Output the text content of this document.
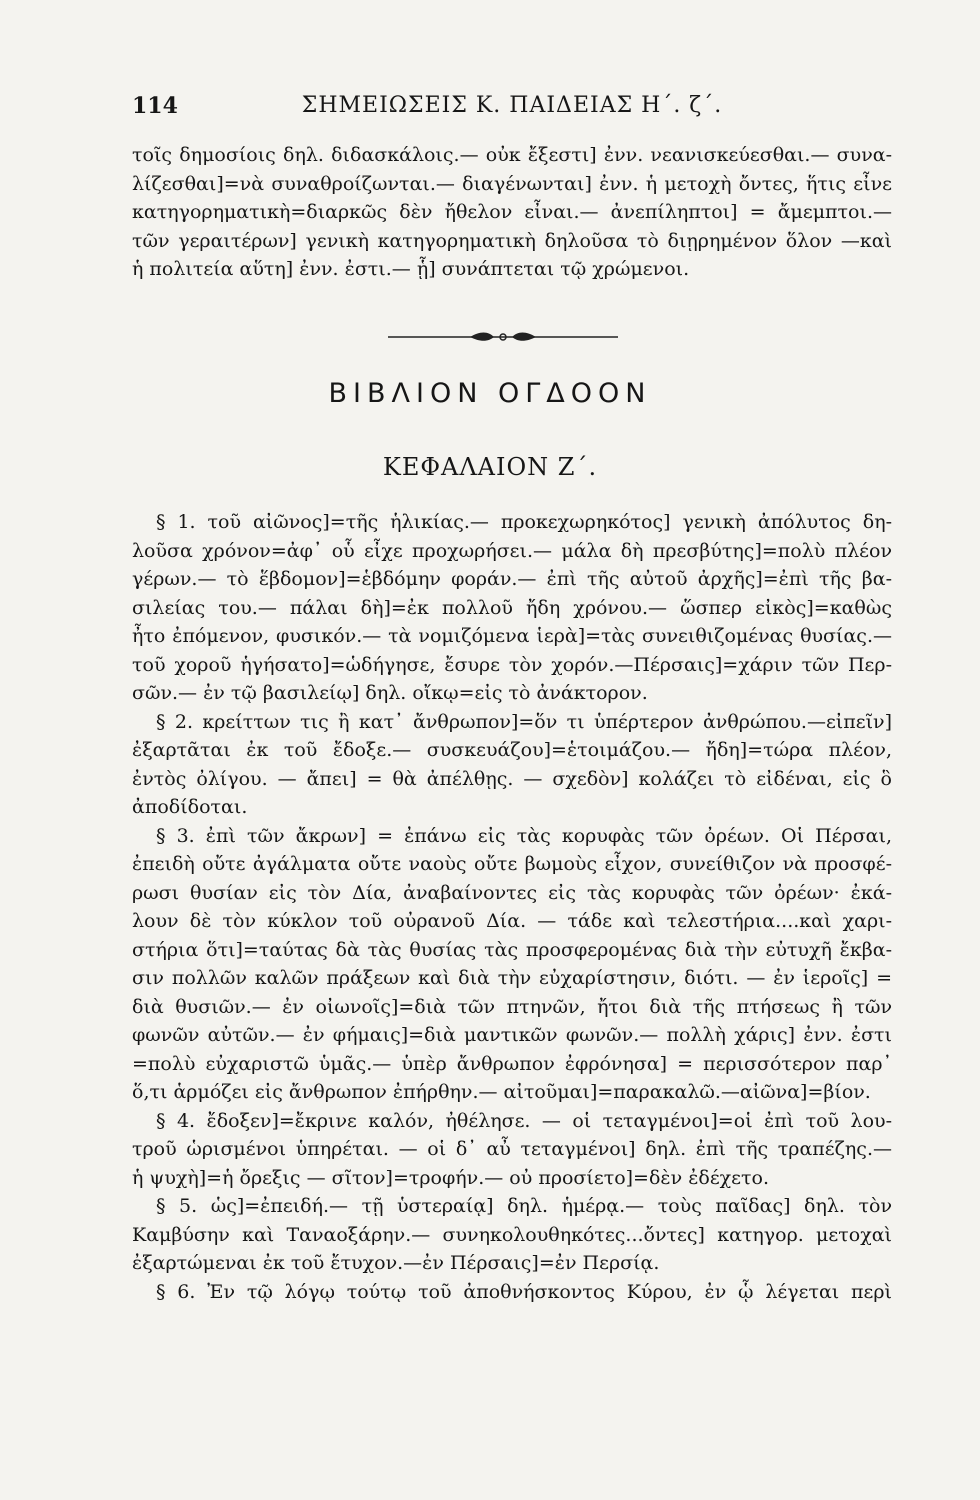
114	ΣΗΜΕΙΩΣΕΙΣ Κ. ΠΑΙΔΕΙΑΣ Η΄. ζ΄.
τοῖς δημοσίοις δηλ. διδασκάλοις.— οὐκ ἔξεστι] ἐνν. νεανισκεύεσθαι.— συνα-
λίζεσθαι]=νὰ συναθροίζωνται.— διαγένωνται] ἐνν. ἡ μετοχὴ ὄντες, ἥτις εἶνε
κατηγορηματικὴ=διαρκῶς δὲν ἤθελον εἶναι.— ἀνεπίληπτοι] = ἄμεμπτοι.—
τῶν γεραιτέρων] γενικὴ κατηγορηματικὴ δηλοῦσα τὸ διῃρημένον ὅλον —καὶ
ἡ πολιτεία αὕτη] ἐνν. ἐστι.— ᾗ] συνάπτεται τῷ χρώμενοι.
ΒΙΒΛΙΟΝ ΟΓΔΟΟΝ
ΚΕΦΑΛΑΙΟΝ Ζ΄.
§ 1. τοῦ αἰῶνος]=τῆς ἡλικίας.— προκεχωρηκότος] γενικὴ ἀπόλυτος δη-
λοῦσα χρόνον=ἀφ᾿ οὗ εἶχε προχωρήσει.— μάλα δὴ πρεσβύτης]=πολὺ πλέον
γέρων.— τὸ ἕβδομον]=ἑβδόμην φοράν.— ἐπὶ τῆς αὐτοῦ ἀρχῆς]=ἐπὶ τῆς βα-
σιλείας του.— πάλαι δὴ]=ἐκ πολλοῦ ἤδη χρόνου.— ὥσπερ εἰκὸς]=καθὼς
ἦτο ἐπόμενον, φυσικόν.— τὰ νομιζόμενα ἱερὰ]=τὰς συνειθιζομένας θυσίας.—
τοῦ χοροῦ ἡγήσατο]=ὡδήγησε, ἔσυρε τὸν χορόν.—Πέρσαις]=χάριν τῶν Περ-
σῶν.— ἐν τῷ βασιλείῳ] δηλ. οἴκῳ=εἰς τὸ ἀνάκτορον.
§ 2. κρείττων τις ἢ κατ᾿ ἄνθρωπον]=ὅν τι ὑπέρτερον ἀνθρώπου.—εἰπεῖν]
ἐξαρτᾶται ἐκ τοῦ ἔδοξε.— συσκευάζου]=ἑτοιμάζου.— ἤδη]=τώρα πλέον,
ἐντὸς ὀλίγου. — ἄπει] = θὰ ἀπέλθῃς. — σχεδὸν] κολάζει τὸ εἰδέναι, εἰς ὃ
ἀποδίδοται.
§ 3. ἐπὶ τῶν ἄκρων] = ἐπάνω εἰς τὰς κορυφὰς τῶν ὀρέων. Οἱ Πέρσαι,
ἐπειδὴ οὔτε ἀγάλματα οὔτε ναοὺς οὔτε βωμοὺς εἶχον, συνείθιζον νὰ προσφέ-
ρωσι θυσίαν εἰς τὸν Δία, ἀναβαίνοντες εἰς τὰς κορυφὰς τῶν ὀρέων· ἐκά-
λουν δὲ τὸν κύκλον τοῦ οὐρανοῦ Δία. — τάδε καὶ τελεστήρια....καὶ χαρι-
στήρια ὅτι]=ταύτας δὰ τὰς θυσίας τὰς προσφερομένας διὰ τὴν εὐτυχῆ ἔκβα-
σιν πολλῶν καλῶν πράξεων καὶ διὰ τὴν εὐχαρίστησιν, διότι. — ἐν ἱεροῖς] =
διὰ θυσιῶν.— ἐν οἰωνοῖς]=διὰ τῶν πτηνῶν, ἤτοι διὰ τῆς πτήσεως ἢ τῶν
φωνῶν αὐτῶν.— ἐν φήμαις]=διὰ μαντικῶν φωνῶν.— πολλὴ χάρις] ἐνν. ἐστι
=πολὺ εὐχαριστῶ ὑμᾶς.— ὑπὲρ ἄνθρωπον ἐφρόνησα] = περισσότερον παρ᾿
ὅ,τι ἁρμόζει εἰς ἄνθρωπον ἐπήρθην.— αἰτοῦμαι]=παρακαλῶ.—αἰῶνα]=βίον.
§ 4. ἔδοξεν]=ἔκρινε καλόν, ἠθέλησε. — οἱ τεταγμένοι]=οἱ ἐπὶ τοῦ λου-
τροῦ ὡρισμένοι ὑπηρέται. — οἱ δ᾿ αὖ τεταγμένοι] δηλ. ἐπὶ τῆς τραπέζης.—
ἡ ψυχὴ]=ἡ ὄρεξις — σῖτον]=τροφήν.— οὐ προσίετο]=δὲν ἐδέχετο.
§ 5. ὡς]=ἐπειδή.— τῇ ὑστεραίᾳ] δηλ. ἡμέρᾳ.— τοὺς παῖδας] δηλ. τὸν
Καμβύσην καὶ Ταναοξάρην.— συνηκολουθηκότες...ὄντες] κατηγορ. μετοχαὶ
ἐξαρτώμεναι ἐκ τοῦ ἔτυχον.—ἐν Πέρσαις]=ἐν Περσίᾳ.
§ 6. Ἐν τῷ λόγῳ τούτῳ τοῦ ἀποθνήσκοντος Κύρου, ἐν ᾧ λέγεται περὶ
